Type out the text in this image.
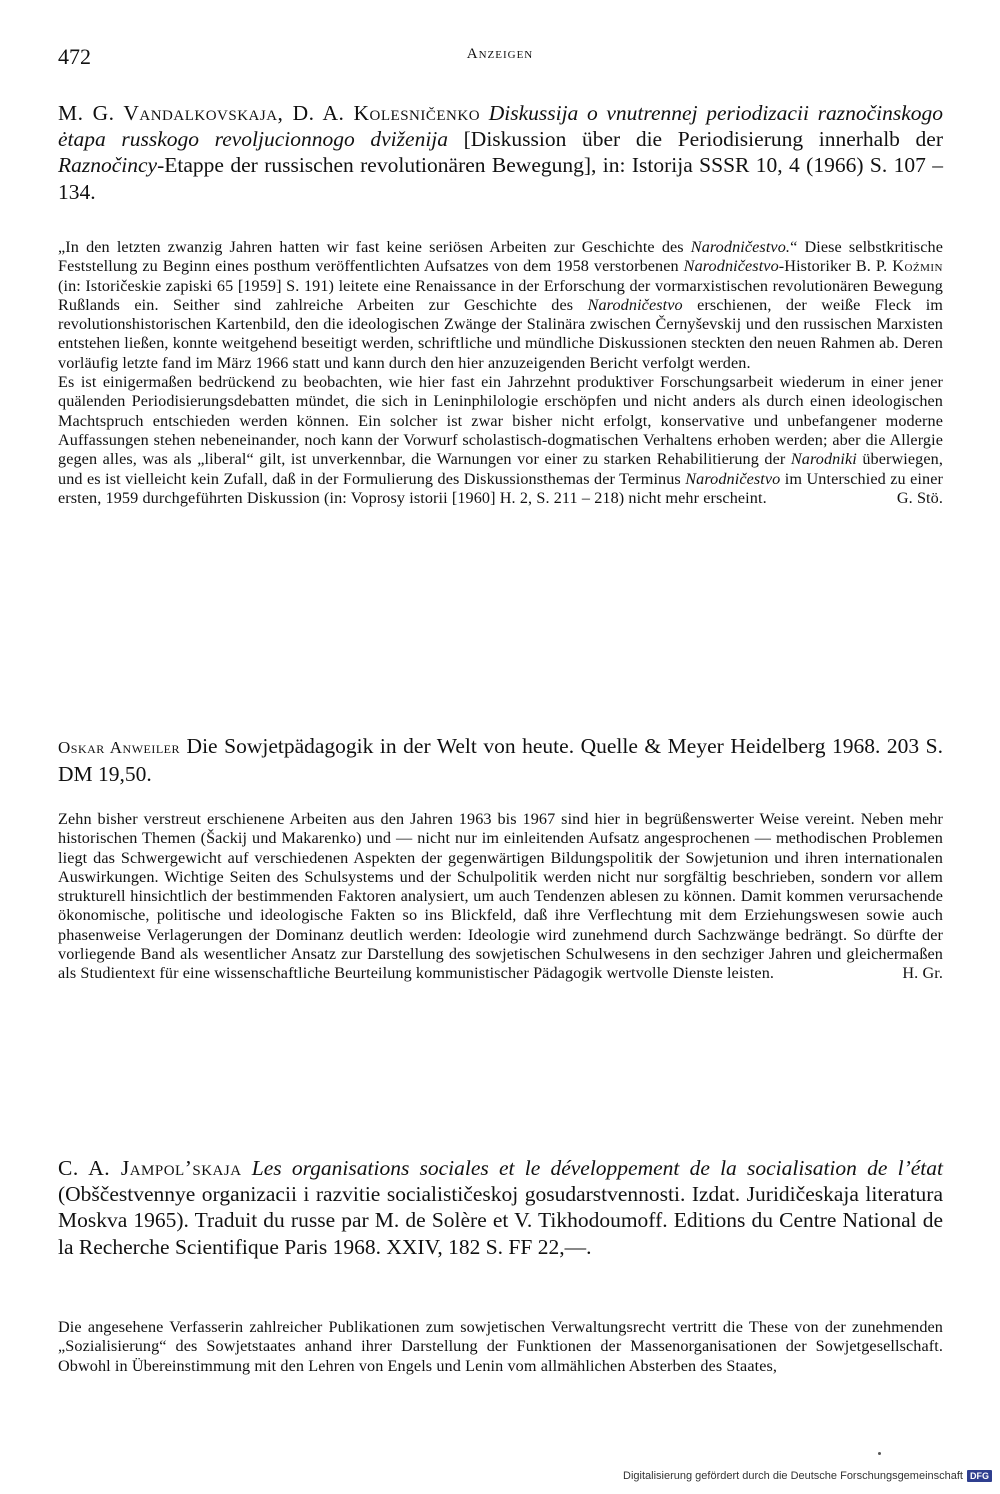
472	Anzeigen
M. G. Vandalkovskaja, D. A. Kolesničenko Diskussija o vnutrennej periodizacii raznočinskogo ėtapa russkogo revoljucionnogo dviženija [Diskussion über die Periodisierung innerhalb der Raznočincy-Etappe der russischen revolutionären Bewegung], in: Istorija SSSR 10, 4 (1966) S. 107 – 134.

„In den letzten zwanzig Jahren hatten wir fast keine seriösen Arbeiten zur Geschichte des Narodničestvo.“ Diese selbstkritische Feststellung zu Beginn eines posthum veröffentlichten Aufsatzes von dem 1958 verstorbenen Narodničestvo-Historiker B. P. Koźmin (in: Istoričeskie zapiski 65 [1959] S. 191) leitete eine Renaissance in der Erforschung der vormarxistischen revolutionären Bewegung Rußlands ein. Seither sind zahlreiche Arbeiten zur Geschichte des Narodničestvo erschienen, der weiße Fleck im revolutionshistorischen Kartenbild, den die ideologischen Zwänge der Stalinära zwischen Černyševskij und den russischen Marxisten entstehen ließen, konnte weitgehend beseitigt werden, schriftliche und mündliche Diskussionen steckten den neuen Rahmen ab. Deren vorläufig letzte fand im März 1966 statt und kann durch den hier anzuzeigenden Bericht verfolgt werden.

Es ist einigermaßen bedrückend zu beobachten, wie hier fast ein Jahrzehnt produktiver Forschungsarbeit wiederum in einer jener quälenden Periodisierungsdebatten mündet, die sich in Leninphilologie erschöpfen und nicht anders als durch einen ideologischen Machtspruch entschieden werden können. Ein solcher ist zwar bisher nicht erfolgt, konservative und unbefangener moderne Auffassungen stehen nebeneinander, noch kann der Vorwurf scholastisch-dogmatischen Verhaltens erhoben werden; aber die Allergie gegen alles, was als „liberal“ gilt, ist unverkennbar, die Warnungen vor einer zu starken Rehabilitierung der Narodniki überwiegen, und es ist vielleicht kein Zufall, daß in der Formulierung des Diskussionsthemas der Terminus Narodničestvo im Unterschied zu einer ersten, 1959 durchgeführten Diskussion (in: Voprosy istorii [1960] H. 2, S. 211 – 218) nicht mehr erscheint.	G. Stö.

Oskar Anweiler Die Sowjetpädagogik in der Welt von heute. Quelle & Meyer Heidelberg 1968. 203 S. DM 19,50.

Zehn bisher verstreut erschienene Arbeiten aus den Jahren 1963 bis 1967 sind hier in begrüßenswerter Weise vereint. Neben mehr historischen Themen (Šackij und Makarenko) und — nicht nur im einleitenden Aufsatz angesprochenen — methodischen Problemen liegt das Schwergewicht auf verschiedenen Aspekten der gegenwärtigen Bildungspolitik der Sowjetunion und ihren internationalen Auswirkungen. Wichtige Seiten des Schulsystems und der Schulpolitik werden nicht nur sorgfältig beschrieben, sondern vor allem strukturell hinsichtlich der bestimmenden Faktoren analysiert, um auch Tendenzen ablesen zu können. Damit kommen verursachende ökonomische, politische und ideologische Fakten so ins Blickfeld, daß ihre Verflechtung mit dem Erziehungswesen sowie auch phasenweise Verlagerungen der Dominanz deutlich werden: Ideologie wird zunehmend durch Sachzwänge bedrängt. So dürfte der vorliegende Band als wesentlicher Ansatz zur Darstellung des sowjetischen Schulwesens in den sechziger Jahren und gleichermaßen als Studientext für eine wissenschaftliche Beurteilung kommunistischer Pädagogik wertvolle Dienste leisten.	H. Gr.

C. A. Jampol’skaja Les organisations sociales et le développement de la socialisation de l’état (Obščestvennye organizacii i razvitie socialističeskoj gosudarstvennosti. Izdat. Juridičeskaja literatura Moskva 1965). Traduit du russe par M. de Solère et V. Tikhodoumoff. Editions du Centre National de la Recherche Scientifique Paris 1968. XXIV, 182 S. FF 22,—.

Die angesehene Verfasserin zahlreicher Publikationen zum sowjetischen Verwaltungsrecht vertritt die These von der zunehmenden „Sozialisierung“ des Sowjetstaates anhand ihrer Darstellung der Funktionen der Massenorganisationen der Sowjetgesellschaft. Obwohl in Übereinstimmung mit den Lehren von Engels und Lenin vom allmählichen Absterben des Staates,

Digitalisierung gefördert durch die Deutsche Forschungsgemeinschaft DFG
